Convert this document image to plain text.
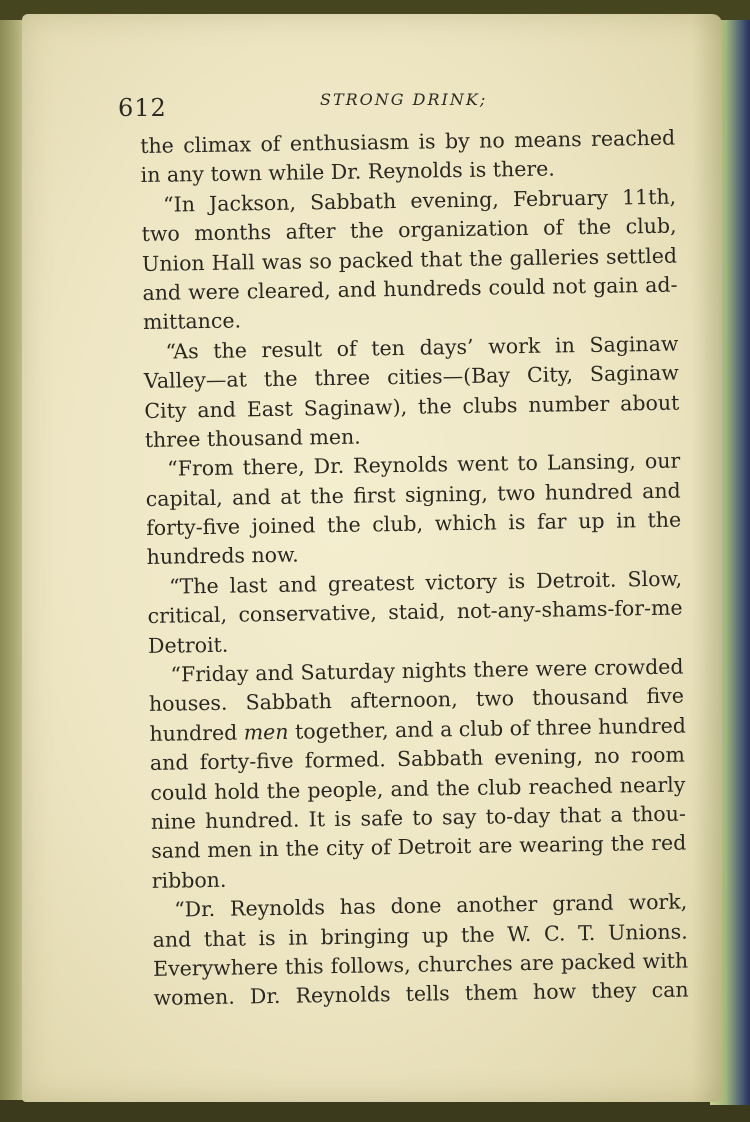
612	STRONG DRINK;
the climax of enthusiasm is by no means reached
in any town while Dr. Reynolds is there.
“In Jackson, Sabbath evening, February 11th,
two months after the organization of the club,
Union Hall was so packed that the galleries settled
and were cleared, and hundreds could not gain ad-
mittance.
“As the result of ten days’ work in Saginaw
Valley—at the three cities—(Bay City, Saginaw
City and East Saginaw), the clubs number about
three thousand men.
“From there, Dr. Reynolds went to Lansing, our
capital, and at the first signing, two hundred and
forty-five joined the club, which is far up in the
hundreds now.
“The last and greatest victory is Detroit. Slow,
critical, conservative, staid, not-any-shams-for-me
Detroit.
“Friday and Saturday nights there were crowded
houses. Sabbath afternoon, two thousand five
hundred men together, and a club of three hundred
and forty-five formed. Sabbath evening, no room
could hold the people, and the club reached nearly
nine hundred. It is safe to say to-day that a thou-
sand men in the city of Detroit are wearing the red
ribbon.
“Dr. Reynolds has done another grand work,
and that is in bringing up the W. C. T. Unions.
Everywhere this follows, churches are packed with
women. Dr. Reynolds tells them how they can
